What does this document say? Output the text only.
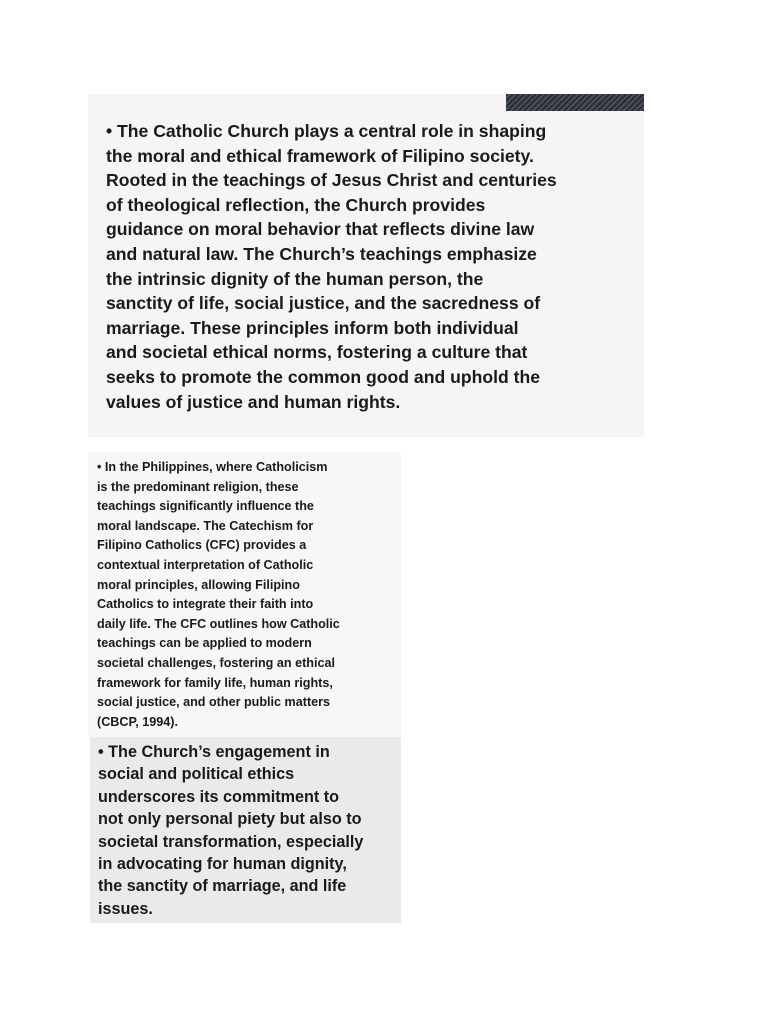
• The Catholic Church plays a central role in shaping
the moral and ethical framework of Filipino society.
Rooted in the teachings of Jesus Christ and centuries
of theological reflection, the Church provides
guidance on moral behavior that reflects divine law
and natural law. The Church’s teachings emphasize
the intrinsic dignity of the human person, the
sanctity of life, social justice, and the sacredness of
marriage. These principles inform both individual
and societal ethical norms, fostering a culture that
seeks to promote the common good and uphold the
values of justice and human rights.

• In the Philippines, where Catholicism
is the predominant religion, these
teachings significantly influence the
moral landscape. The Catechism for
Filipino Catholics (CFC) provides a
contextual interpretation of Catholic
moral principles, allowing Filipino
Catholics to integrate their faith into
daily life. The CFC outlines how Catholic
teachings can be applied to modern
societal challenges, fostering an ethical
framework for family life, human rights,
social justice, and other public matters
(CBCP, 1994).

• The Church’s engagement in
social and political ethics
underscores its commitment to
not only personal piety but also to
societal transformation, especially
in advocating for human dignity,
the sanctity of marriage, and life
issues.
